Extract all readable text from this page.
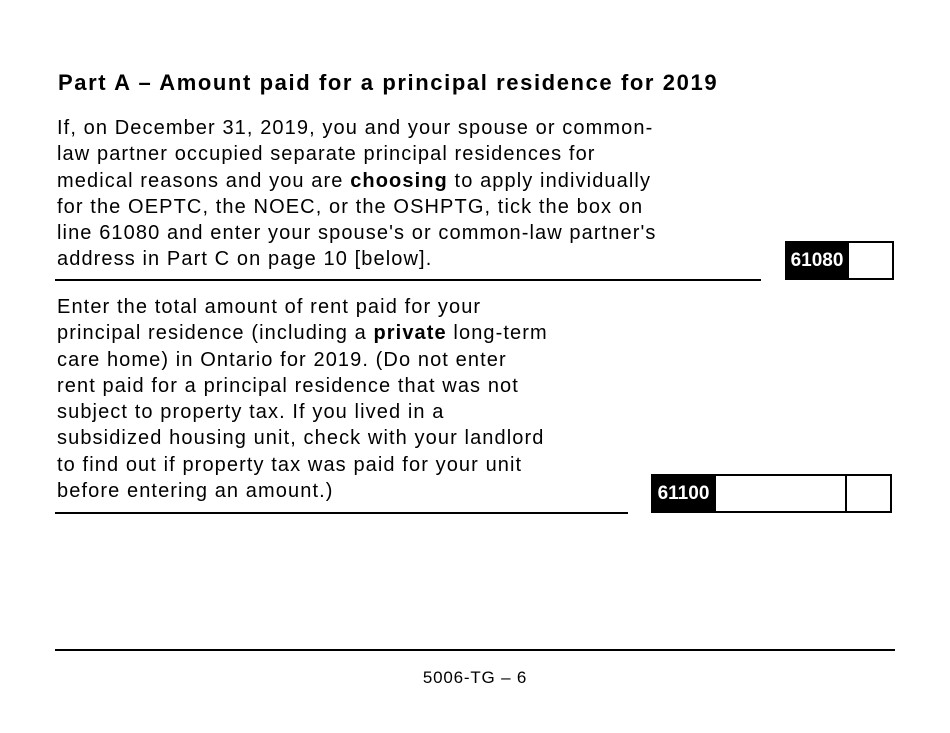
Part A – Amount paid for a principal residence for 2019
If, on December 31, 2019, you and your spouse or common-
law partner occupied separate principal residences for
medical reasons and you are choosing to apply individually
for the OEPTC, the NOEC, or the OSHPTG, tick the box on
line 61080 and enter your spouse's or common-law partner's
address in Part C on page 10 [below].	61080
Enter the total amount of rent paid for your
principal residence (including a private long-term
care home) in Ontario for 2019. (Do not enter
rent paid for a principal residence that was not
subject to property tax. If you lived in a
subsidized housing unit, check with your landlord
to find out if property tax was paid for your unit
before entering an amount.)	61100
5006-TG – 6
